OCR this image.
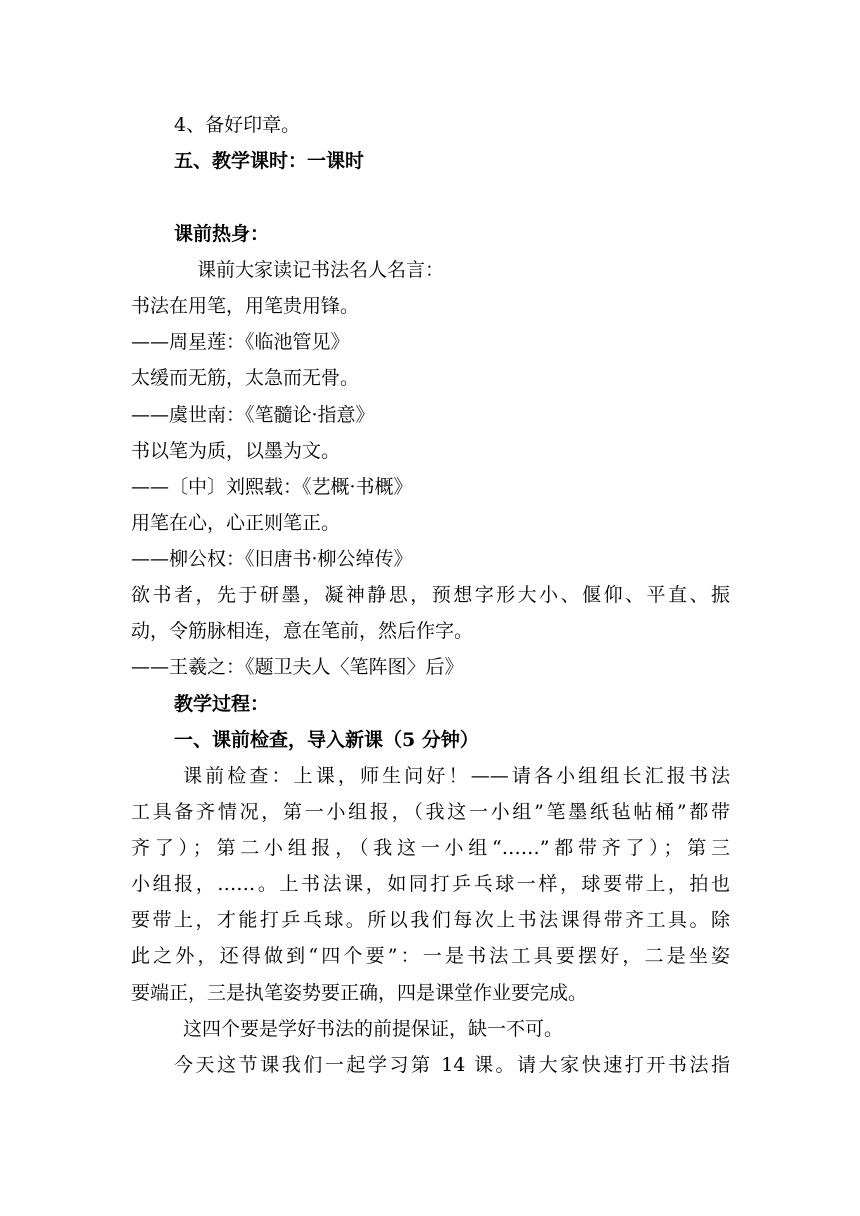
4、备好印章。
五、教学课时：一课时
课前热身：
课前大家读记书法名人名言：
书法在用笔，用笔贵用锋。
——周星莲：《临池管见》
太缓而无筋，太急而无骨。
——虞世南：《笔髓论·指意》
书以笔为质，以墨为文。
——〔中〕刘熙载：《艺概·书概》
用笔在心，心正则笔正。
——柳公权：《旧唐书·柳公绰传》
欲书者，先于研墨，凝神静思，预想字形大小、偃仰、平直、振
动，令筋脉相连，意在笔前，然后作字。
——王羲之：《题卫夫人〈笔阵图〉后》
教学过程：
一、课前检查，导入新课（5 分钟）
课前检查：上课，师生问好！——请各小组组长汇报书法
工具备齐情况，第一小组报，（我这一小组”笔墨纸毡帖桶”都带
齐了）；第二小组报，（我这一小组“……”都带齐了）；第三
小组报，……。上书法课，如同打乒乓球一样，球要带上，拍也
要带上，才能打乒乓球。所以我们每次上书法课得带齐工具。除
此之外，还得做到“四个要”：一是书法工具要摆好，二是坐姿
要端正，三是执笔姿势要正确，四是课堂作业要完成。
这四个要是学好书法的前提保证，缺一不可。
今天这节课我们一起学习第 14 课。请大家快速打开书法指
